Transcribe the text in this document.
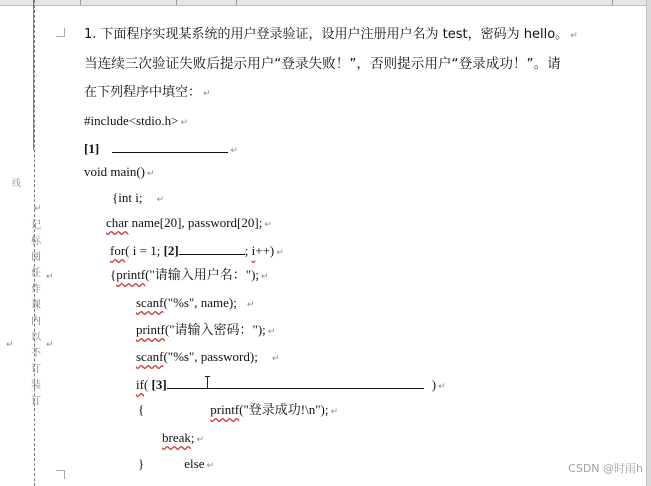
线
↵
↵
↵	↵
记
标
阅
任
作
课
内
以
不
订
装
订
1. 下面程序实现某系统的用户登录验证，设用户注册用户名为 test，密码为 hello。 ↵
当连续三次验证失败后提示用户“登录失败！”，否则提示用户“登录成功！”。请
在下列程序中填空： ↵
#include<stdio.h> ↵
[1]	↵
void main() ↵
{int i; ↵
char name[20], password[20]; ↵
for( i = 1; [2]	; i++) ↵
{printf("请输入用户名："); ↵
scanf("%s", name); ↵
printf("请输入密码："); ↵
scanf("%s", password); ↵
if( [3]	) ↵
{	printf("登录成功!\n"); ↵
break; ↵
}	else ↵	CSDN @时雨h
